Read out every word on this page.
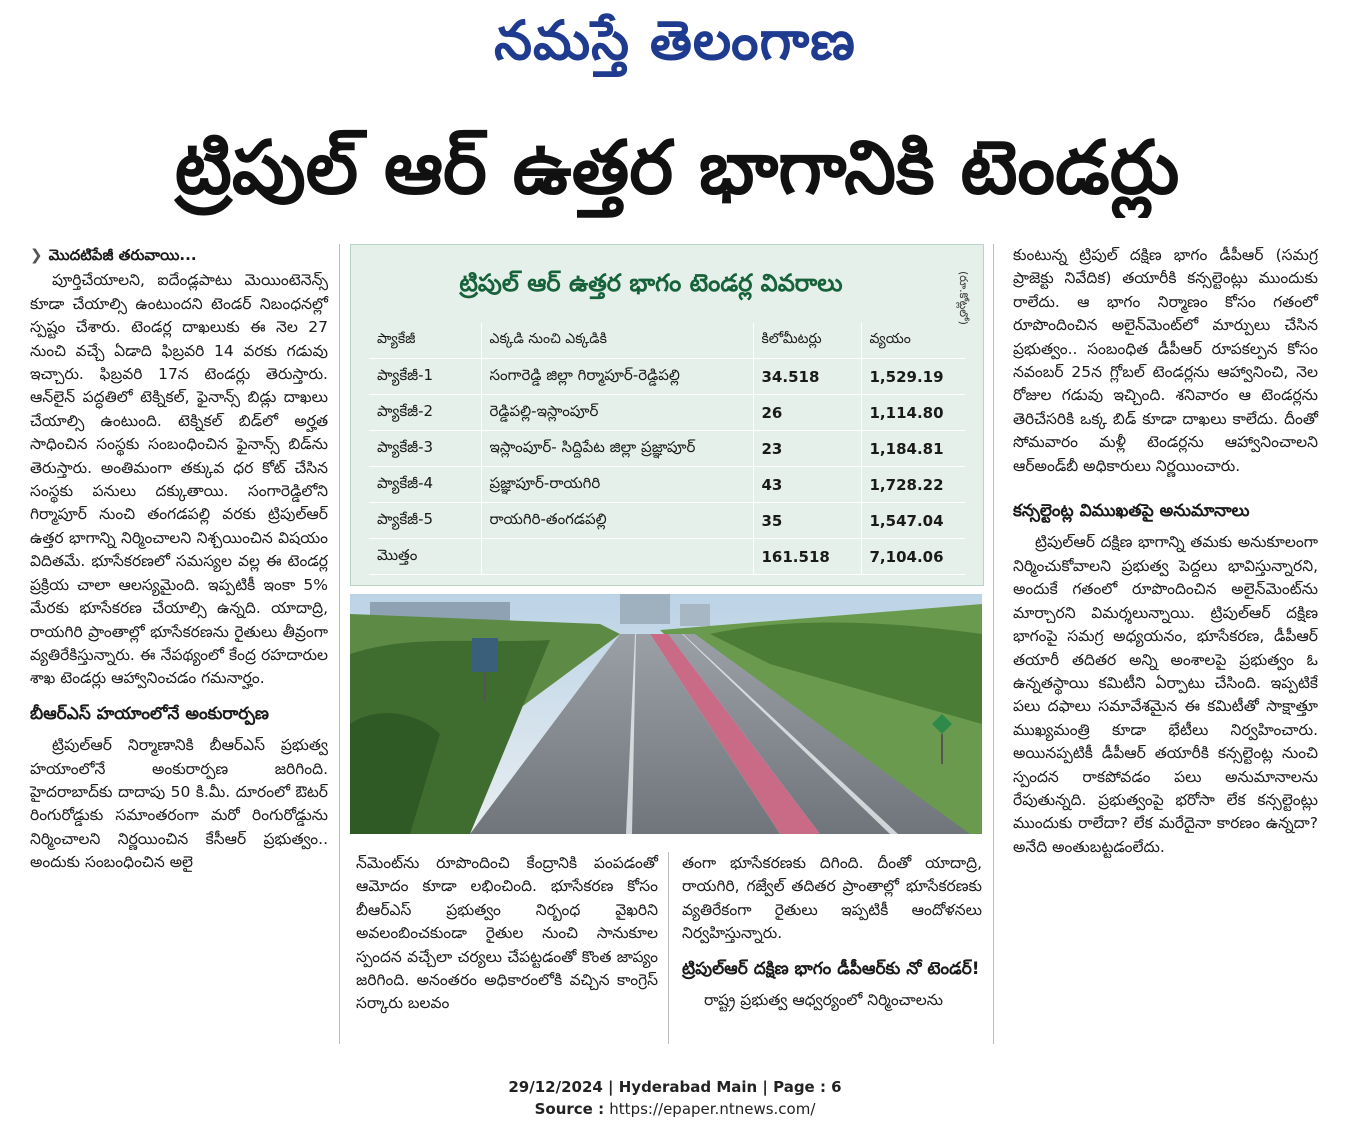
నమస్తే తెలంగాణ
ట్రిపుల్‌ ఆర్‌ ఉత్తర భాగానికి టెండర్లు
❯ మొదటిపేజీ తరువాయి...

పూర్తిచేయాలని, ఐదేండ్లపాటు మెయింటెనెన్స్‌ కూడా చేయాల్సి ఉంటుందని టెండర్‌ నిబంధనల్లో స్పష్టం చేశారు. టెండర్ల దాఖలుకు ఈ నెల 27 నుంచి వచ్చే ఏడాది ఫిబ్రవరి 14 వరకు గడువు ఇచ్చారు. ఫిబ్రవరి 17న టెండర్లు తెరుస్తారు. ఆన్‌లైన్‌ పద్ధతిలో టెక్నికల్‌, ఫైనాన్స్‌ బిడ్లు దాఖలు చేయాల్సి ఉంటుంది. టెక్నికల్‌ బిడ్‌లో అర్హత సాధించిన సంస్థకు సంబంధించిన ఫైనాన్స్‌ బిడ్‌ను తెరుస్తారు. అంతిమంగా తక్కువ ధర కోట్‌ చేసిన సంస్థకు పనులు దక్కుతాయి. సంగారెడ్డిలోని గిర్మాపూర్‌ నుంచి తంగడపల్లి వరకు ట్రిపుల్‌ఆర్‌ ఉత్తర భాగాన్ని నిర్మించాలని నిశ్చయించిన విషయం విదితమే. భూసేకరణలో సమస్యల వల్ల ఈ టెండర్ల ప్రక్రియ చాలా ఆలస్యమైంది. ఇప్పటికీ ఇంకా 5% మేరకు భూసేకరణ చేయాల్సి ఉన్నది. యాదాద్రి, రాయగిరి ప్రాంతాల్లో భూసేకరణను రైతులు తీవ్రంగా వ్యతిరేకిస్తున్నారు. ఈ నేపథ్యంలో కేంద్ర రహదారుల శాఖ టెండర్లు ఆహ్వానించడం గమనార్హం.

బీఆర్‌ఎస్‌ హయాంలోనే అంకురార్పణ

ట్రిపుల్‌ఆర్‌ నిర్మాణానికి బీఆర్‌ఎస్‌ ప్రభుత్వ హయాంలోనే అంకురార్పణ జరిగింది. హైదరాబాద్‌కు దాదాపు 50 కి.మీ. దూరంలో ఔటర్‌ రింగురోడ్డుకు సమాంతరంగా మరో రింగురోడ్డును నిర్మించాలని నిర్ణయించిన కేసీఆర్‌ ప్రభుత్వం.. అందుకు సంబంధించిన అలై

ట్రిపుల్‌ ఆర్‌ ఉత్తర భాగం టెండర్ల వివరాలు	(రూ.కోట్లలో)
ప్యాకేజీ	ఎక్కడి నుంచి ఎక్కడికి	కిలోమీటర్లు	వ్యయం
ప్యాకేజీ-1	సంగారెడ్డి జిల్లా గిర్మాపూర్‌-రెడ్డిపల్లి	34.518	1,529.19
ప్యాకేజీ-2	రెడ్డిపల్లి-ఇస్లాంపూర్‌	26	1,114.80
ప్యాకేజీ-3	ఇస్లాంపూర్‌- సిద్దిపేట జిల్లా ప్రజ్ఞాపూర్‌	23	1,184.81
ప్యాకేజీ-4	ప్రజ్ఞాపూర్‌-రాయగిరి	43	1,728.22
ప్యాకేజీ-5	రాయగిరి-తంగడపల్లి	35	1,547.04
మొత్తం		161.518	7,104.06

న్‌మెంట్‌ను రూపొందించి కేంద్రానికి పంపడంతో ఆమోదం కూడా లభించింది. భూసేకరణ కోసం బీఆర్‌ఎస్‌ ప్రభుత్వం నిర్బంధ వైఖరిని అవలంబించకుండా రైతుల నుంచి సానుకూల స్పందన వచ్చేలా చర్యలు చేపట్టడంతో కొంత జాప్యం జరిగింది. అనంతరం అధికారంలోకి వచ్చిన కాంగ్రెస్‌ సర్కారు బలవం

తంగా భూసేకరణకు దిగింది. దీంతో యాదాద్రి, రాయగిరి, గజ్వేల్‌ తదితర ప్రాంతాల్లో భూసేకరణకు వ్యతిరేకంగా రైతులు ఇప్పటికీ ఆందోళనలు నిర్వహిస్తున్నారు.

ట్రిపుల్‌ఆర్‌ దక్షిణ భాగం డీపీఆర్‌కు నో టెండర్‌!

రాష్ట్ర ప్రభుత్వ ఆధ్వర్యంలో నిర్మించాలను

కుంటున్న ట్రిపుల్‌ దక్షిణ భాగం డీపీఆర్‌ (సమగ్ర ప్రాజెక్టు నివేదిక) తయారీకి కన్సల్టెంట్లు ముందుకు రాలేదు. ఆ భాగం నిర్మాణం కోసం గతంలో రూపొందించిన అలైన్‌మెంట్‌లో మార్పులు చేసిన ప్రభుత్వం.. సంబంధిత డీపీఆర్‌ రూపకల్పన కోసం నవంబర్‌ 25న గ్లోబల్‌ టెండర్లను ఆహ్వానించి, నెల రోజుల గడువు ఇచ్చింది. శనివారం ఆ టెండర్లను తెరిచేసరికి ఒక్క బిడ్‌ కూడా దాఖలు కాలేదు. దీంతో సోమవారం మళ్లీ టెండర్లను ఆహ్వానించాలని ఆర్‌అండ్‌బీ అధికారులు నిర్ణయించారు.

కన్సల్టెంట్ల విముఖతపై అనుమానాలు

ట్రిపుల్‌ఆర్‌ దక్షిణ భాగాన్ని తమకు అనుకూలంగా నిర్మించుకోవాలని ప్రభుత్వ పెద్దలు భావిస్తున్నారని, అందుకే గతంలో రూపొందించిన అలైన్‌మెంట్‌ను మార్చారని విమర్శలున్నాయి. ట్రిపుల్‌ఆర్‌ దక్షిణ భాగంపై సమగ్ర అధ్యయనం, భూసేకరణ, డీపీఆర్‌ తయారీ తదితర అన్ని అంశాలపై ప్రభుత్వం ఓ ఉన్నతస్థాయి కమిటీని ఏర్పాటు చేసింది. ఇప్పటికే పలు దఫాలు సమావేశమైన ఈ కమిటీతో సాక్షాత్తూ ముఖ్యమంత్రి కూడా భేటీలు నిర్వహించారు. అయినప్పటికీ డీపీఆర్‌ తయారీకి కన్సల్టెంట్ల నుంచి స్పందన రాకపోవడం పలు అనుమానాలను రేపుతున్నది. ప్రభుత్వంపై భరోసా లేక కన్సల్టెంట్లు ముందుకు రాలేదా? లేక మరేదైనా కారణం ఉన్నదా? అనేది అంతుబట్టడంలేదు.

29/12/2024 | Hyderabad Main | Page : 6
Source : https://epaper.ntnews.com/
